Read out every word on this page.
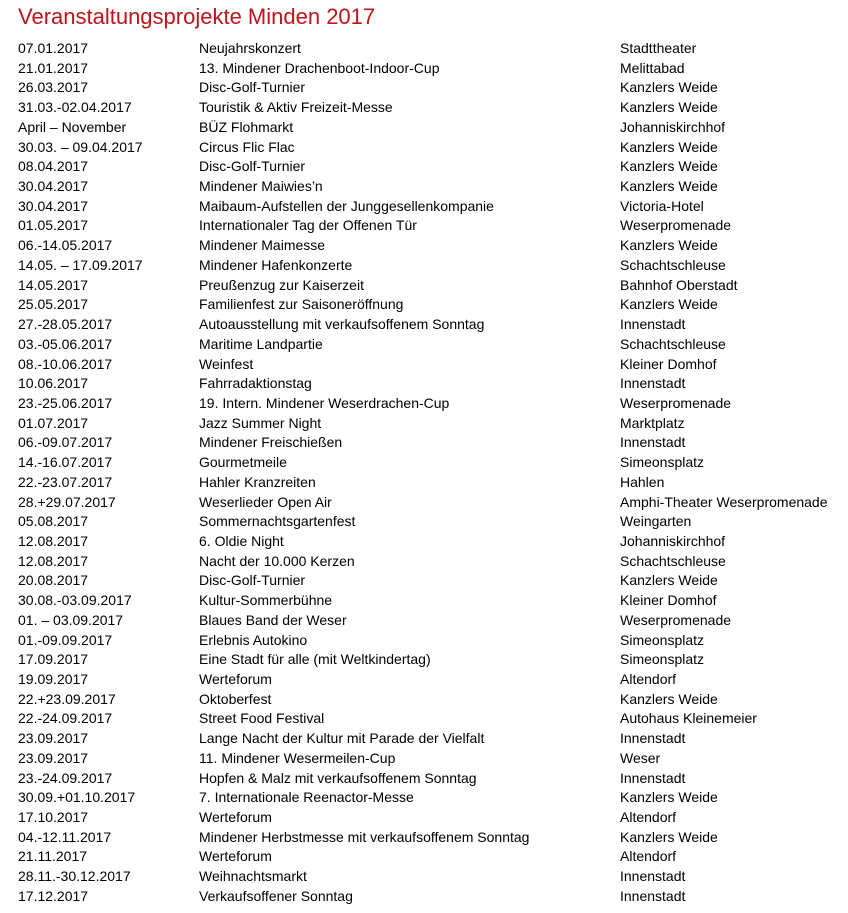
Veranstaltungsprojekte Minden 2017
07.01.2017	Neujahrskonzert	Stadttheater
21.01.2017	13. Mindener Drachenboot-Indoor-Cup	Melittabad
26.03.2017	Disc-Golf-Turnier	Kanzlers Weide
31.03.-02.04.2017	Touristik & Aktiv Freizeit-Messe	Kanzlers Weide
April – November	BÜZ Flohmarkt	Johanniskirchhof
30.03. – 09.04.2017	Circus Flic Flac	Kanzlers Weide
08.04.2017	Disc-Golf-Turnier	Kanzlers Weide
30.04.2017	Mindener Maiwies’n	Kanzlers Weide
30.04.2017	Maibaum-Aufstellen der Junggesellenkompanie	Victoria-Hotel
01.05.2017	Internationaler Tag der Offenen Tür	Weserpromenade
06.-14.05.2017	Mindener Maimesse	Kanzlers Weide
14.05. – 17.09.2017	Mindener Hafenkonzerte	Schachtschleuse
14.05.2017	Preußenzug zur Kaiserzeit	Bahnhof Oberstadt
25.05.2017	Familienfest zur Saisoneröffnung	Kanzlers Weide
27.-28.05.2017	Autoausstellung mit verkaufsoffenem Sonntag	Innenstadt
03.-05.06.2017	Maritime Landpartie	Schachtschleuse
08.-10.06.2017	Weinfest	Kleiner Domhof
10.06.2017	Fahrradaktionstag	Innenstadt
23.-25.06.2017	19. Intern. Mindener Weserdrachen-Cup	Weserpromenade
01.07.2017	Jazz Summer Night	Marktplatz
06.-09.07.2017	Mindener Freischießen	Innenstadt
14.-16.07.2017	Gourmetmeile	Simeonsplatz
22.-23.07.2017	Hahler Kranzreiten	Hahlen
28.+29.07.2017	Weserlieder Open Air	Amphi-Theater Weserpromenade
05.08.2017	Sommernachtsgartenfest	Weingarten
12.08.2017	6. Oldie Night	Johanniskirchhof
12.08.2017	Nacht der 10.000 Kerzen	Schachtschleuse
20.08.2017	Disc-Golf-Turnier	Kanzlers Weide
30.08.-03.09.2017	Kultur-Sommerbühne	Kleiner Domhof
01. – 03.09.2017	Blaues Band der Weser	Weserpromenade
01.-09.09.2017	Erlebnis Autokino	Simeonsplatz
17.09.2017	Eine Stadt für alle (mit Weltkindertag)	Simeonsplatz
19.09.2017	Werteforum	Altendorf
22.+23.09.2017	Oktoberfest	Kanzlers Weide
22.-24.09.2017	Street Food Festival	Autohaus Kleinemeier
23.09.2017	Lange Nacht der Kultur mit Parade der Vielfalt	Innenstadt
23.09.2017	11. Mindener Wesermeilen-Cup	Weser
23.-24.09.2017	Hopfen & Malz mit verkaufsoffenem Sonntag	Innenstadt
30.09.+01.10.2017	7. Internationale Reenactor-Messe	Kanzlers Weide
17.10.2017	Werteforum	Altendorf
04.-12.11.2017	Mindener Herbstmesse mit verkaufsoffenem Sonntag	Kanzlers Weide
21.11.2017	Werteforum	Altendorf
28.11.-30.12.2017	Weihnachtsmarkt	Innenstadt
17.12.2017	Verkaufsoffener Sonntag	Innenstadt
